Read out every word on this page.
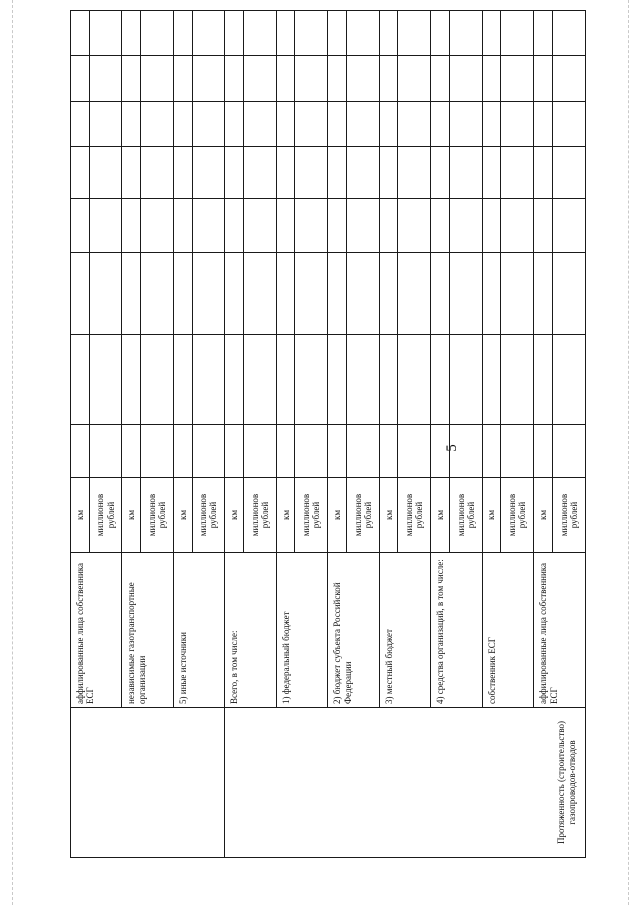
5
	аффилированные лица собственника ЕСГ	км								
		миллионов рублей								
	независимые газотранспортные организации	км								
		миллионов рублей								
	5) иные источники	км								
		миллионов рублей								
Протяженность (строительство) газопроводов-отводов	Всего, в том числе:	км								
		миллионов рублей								
	1) федеральный бюджет	км								
		миллионов рублей								
	2) бюджет субъекта Российской Федерации	км								
		миллионов рублей								
	3) местный бюджет	км								
		миллионов рублей								
	4) средства организаций, в том числе:	км								
		миллионов рублей								
	собственник ЕСГ	км								
		миллионов рублей								
	аффилированные лица собственника ЕСГ	км								
		миллионов рублей								
